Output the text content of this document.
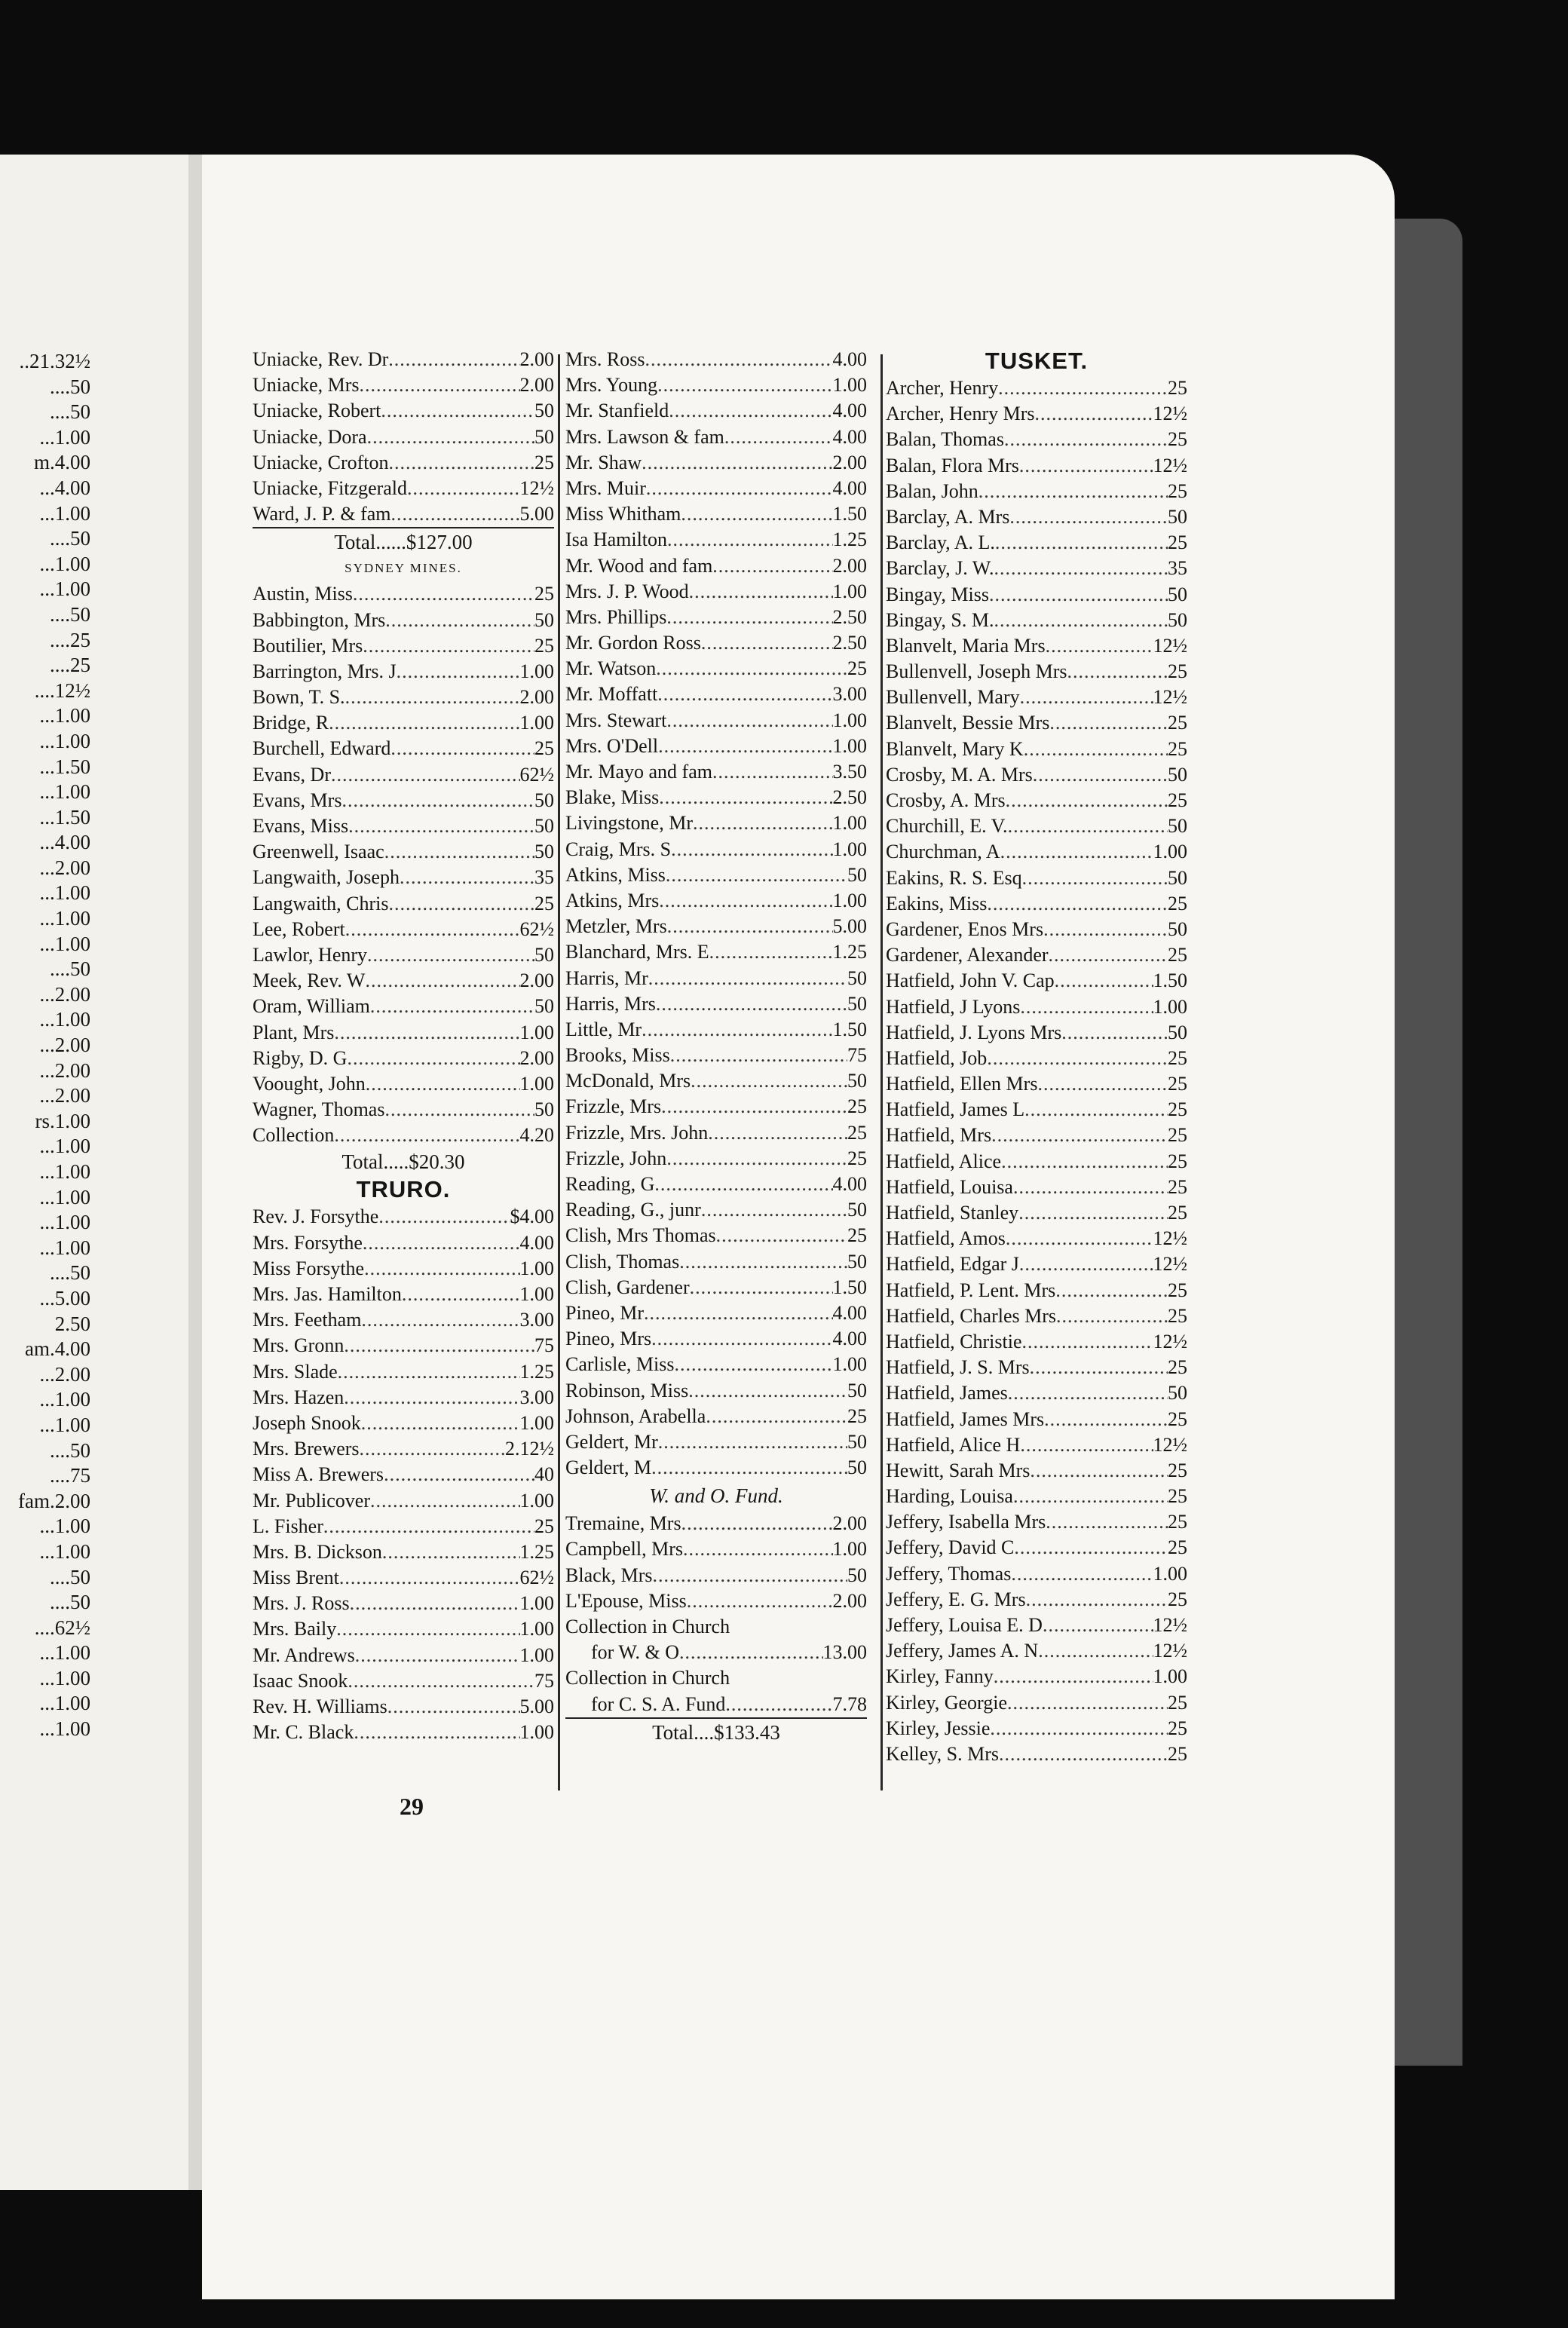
..21.32½
....50
....50
...1.00
m.4.00
...4.00
...1.00
....50
...1.00
...1.00
....50
....25
....25
....12½
...1.00
...1.00
...1.50
...1.00
...1.50
...4.00
...2.00
...1.00
...1.00
...1.00
....50
...2.00
...1.00
...2.00
...2.00
...2.00
rs.1.00
...1.00
...1.00
...1.00
...1.00
...1.00
....50
...5.00
2.50
am.4.00
...2.00
...1.00
...1.00
....50
....75
fam.2.00
...1.00
...1.00
....50
....50
....62½
...1.00
...1.00
...1.00
...1.00
Uniacke, Rev. Dr .....	2.00
Uniacke, Mrs .....	2.00
Uniacke, Robert .....	50
Uniacke, Dora .....	50
Uniacke, Crofton .....	25
Uniacke, Fitzgerald .....	12½
Ward, J. P. & fam .....	5.00
Total......$127.00
SYDNEY MINES.
Austin, Miss .....	25
Babbington, Mrs .....	50
Boutilier, Mrs .....	25
Barrington, Mrs. J .....	1.00
Bown, T. S. .....	2.00
Bridge, R .....	1.00
Burchell, Edward .....	25
Evans, Dr .....	62½
Evans, Mrs .....	50
Evans, Miss .....	50
Greenwell, Isaac .....	50
Langwaith, Joseph .....	35
Langwaith, Chris .....	25
Lee, Robert .....	62½
Lawlor, Henry .....	50
Meek, Rev. W .....	2.00
Oram, William .....	50
Plant, Mrs .....	1.00
Rigby, D. G .....	2.00
Voought, John .....	1.00
Wagner, Thomas .....	50
Collection .....	4.20
Total.....$20.30
TRURO.
Rev. J. Forsythe .....	$4.00
Mrs. Forsythe .....	4.00
Miss Forsythe .....	1.00
Mrs. Jas. Hamilton .....	1.00
Mrs. Feetham .....	3.00
Mrs. Gronn .....	75
Mrs. Slade .....	1.25
Mrs. Hazen .....	3.00
Joseph Snook .....	1.00
Mrs. Brewers .....	2.12½
Miss A. Brewers .....	40
Mr. Publicover .....	1.00
L. Fisher .....	25
Mrs. B. Dickson .....	1.25
Miss Brent .....	62½
Mrs. J. Ross .....	1.00
Mrs. Baily .....	1.00
Mr. Andrews .....	1.00
Isaac Snook .....	75
Rev. H. Williams .....	5.00
Mr. C. Black .....	1.00
Mrs. Ross .....	4.00
Mrs. Young .....	1.00
Mr. Stanfield .....	4.00
Mrs. Lawson & fam .....	4.00
Mr. Shaw .....	2.00
Mrs. Muir .....	4.00
Miss Whitham .....	1.50
Isa Hamilton .....	1.25
Mr. Wood and fam .....	2.00
Mrs. J. P. Wood .....	1.00
Mrs. Phillips .....	2.50
Mr. Gordon Ross .....	2.50
Mr. Watson .....	25
Mr. Moffatt .....	3.00
Mrs. Stewart .....	1.00
Mrs. O'Dell .....	1.00
Mr. Mayo and fam .....	3.50
Blake, Miss .....	2.50
Livingstone, Mr .....	1.00
Craig, Mrs. S .....	1.00
Atkins, Miss .....	50
Atkins, Mrs .....	1.00
Metzler, Mrs .....	5.00
Blanchard, Mrs. E .....	1.25
Harris, Mr .....	50
Harris, Mrs .....	50
Little, Mr .....	1.50
Brooks, Miss .....	75
McDonald, Mrs .....	50
Frizzle, Mrs .....	25
Frizzle, Mrs. John .....	25
Frizzle, John .....	25
Reading, G .....	4.00
Reading, G., junr .....	50
Clish, Mrs Thomas .....	25
Clish, Thomas .....	50
Clish, Gardener .....	1.50
Pineo, Mr .....	4.00
Pineo, Mrs .....	4.00
Carlisle, Miss .....	1.00
Robinson, Miss .....	50
Johnson, Arabella .....	25
Geldert, Mr .....	50
Geldert, M .....	50
W. and O. Fund.
Tremaine, Mrs .....	2.00
Campbell, Mrs .....	1.00
Black, Mrs .....	50
L'Epouse, Miss .....	2.00
Collection in Church
for W. & O .....	13.00
Collection in Church
for C. S. A. Fund .....	7.78
Total....$133.43
TUSKET.
Archer, Henry .....	25
Archer, Henry Mrs .....	12½
Balan, Thomas .....	25
Balan, Flora Mrs .....	12½
Balan, John .....	25
Barclay, A. Mrs .....	50
Barclay, A. L. .....	25
Barclay, J. W. .....	35
Bingay, Miss .....	50
Bingay, S. M. .....	50
Blanvelt, Maria Mrs .....	12½
Bullenvell, Joseph Mrs .....	25
Bullenvell, Mary .....	12½
Blanvelt, Bessie Mrs .....	25
Blanvelt, Mary K .....	25
Crosby, M. A. Mrs .....	50
Crosby, A. Mrs .....	25
Churchill, E. V. .....	50
Churchman, A .....	1.00
Eakins, R. S. Esq .....	50
Eakins, Miss .....	25
Gardener, Enos Mrs .....	50
Gardener, Alexander .....	25
Hatfield, John V. Cap .....	1.50
Hatfield, J Lyons .....	1.00
Hatfield, J. Lyons Mrs .....	50
Hatfield, Job .....	25
Hatfield, Ellen Mrs .....	25
Hatfield, James L .....	25
Hatfield, Mrs .....	25
Hatfield, Alice .....	25
Hatfield, Louisa .....	25
Hatfield, Stanley .....	25
Hatfield, Amos .....	12½
Hatfield, Edgar J .....	12½
Hatfield, P. Lent. Mrs .....	25
Hatfield, Charles Mrs .....	25
Hatfield, Christie .....	12½
Hatfield, J. S. Mrs .....	25
Hatfield, James .....	50
Hatfield, James Mrs .....	25
Hatfield, Alice H .....	12½
Hewitt, Sarah Mrs .....	25
Harding, Louisa .....	25
Jeffery, Isabella Mrs .....	25
Jeffery, David C .....	25
Jeffery, Thomas .....	1.00
Jeffery, E. G. Mrs .....	25
Jeffery, Louisa E. D .....	12½
Jeffery, James A. N .....	12½
Kirley, Fanny .....	1.00
Kirley, Georgie .....	25
Kirley, Jessie .....	25
Kelley, S. Mrs .....	25
29
